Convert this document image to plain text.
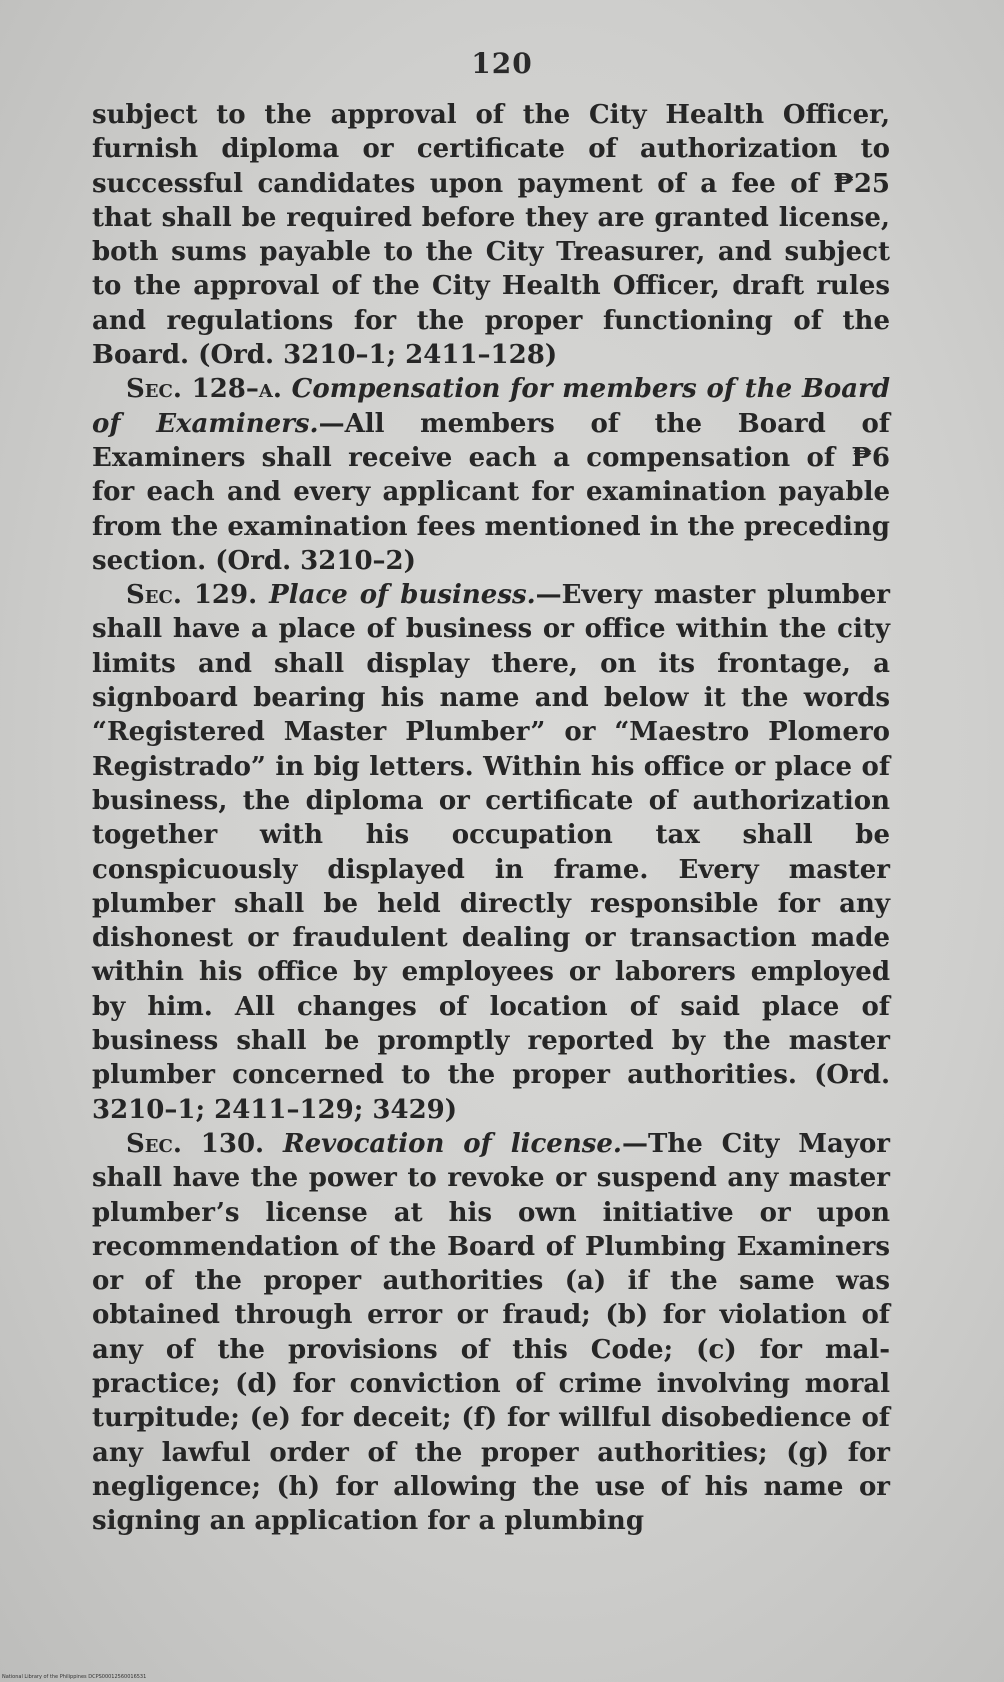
120

subject to the approval of the City Health Officer, furnish diploma or certificate of authorization to successful candidates upon payment of a fee of ₱25 that shall be required before they are granted license, both sums payable to the City Treasurer, and subject to the approval of the City Health Officer, draft rules and regulations for the proper functioning of the Board. (Ord. 3210–1; 2411–128)

Sec. 128–a. Compensation for members of the Board of Examiners.—All members of the Board of Examiners shall receive each a compensation of ₱6 for each and every applicant for examination payable from the examination fees mentioned in the preceding section. (Ord. 3210–2)

Sec. 129. Place of business.—Every master plumber shall have a place of business or office within the city limits and shall display there, on its frontage, a signboard bearing his name and below it the words “Registered Master Plumber” or “Maestro Plomero Registrado” in big letters. Within his office or place of business, the diploma or certificate of authorization together with his occupation tax shall be conspicuously displayed in frame. Every master plumber shall be held directly responsible for any dishonest or fraudulent dealing or transaction made within his office by employees or laborers employed by him. All changes of location of said place of business shall be promptly reported by the master plumber concerned to the proper authorities. (Ord. 3210–1; 2411–129; 3429)

Sec. 130. Revocation of license.—The City Mayor shall have the power to revoke or suspend any master plumber’s license at his own initiative or upon recommendation of the Board of Plumbing Examiners or of the proper authorities (a) if the same was obtained through error or fraud; (b) for violation of any of the provisions of this Code; (c) for mal-practice; (d) for conviction of crime involving moral turpitude; (e) for deceit; (f) for willful disobedience of any lawful order of the proper authorities; (g) for negligence; (h) for allowing the use of his name or signing an application for a plumbing

National Library of the Philippines DCPS00012560016531
